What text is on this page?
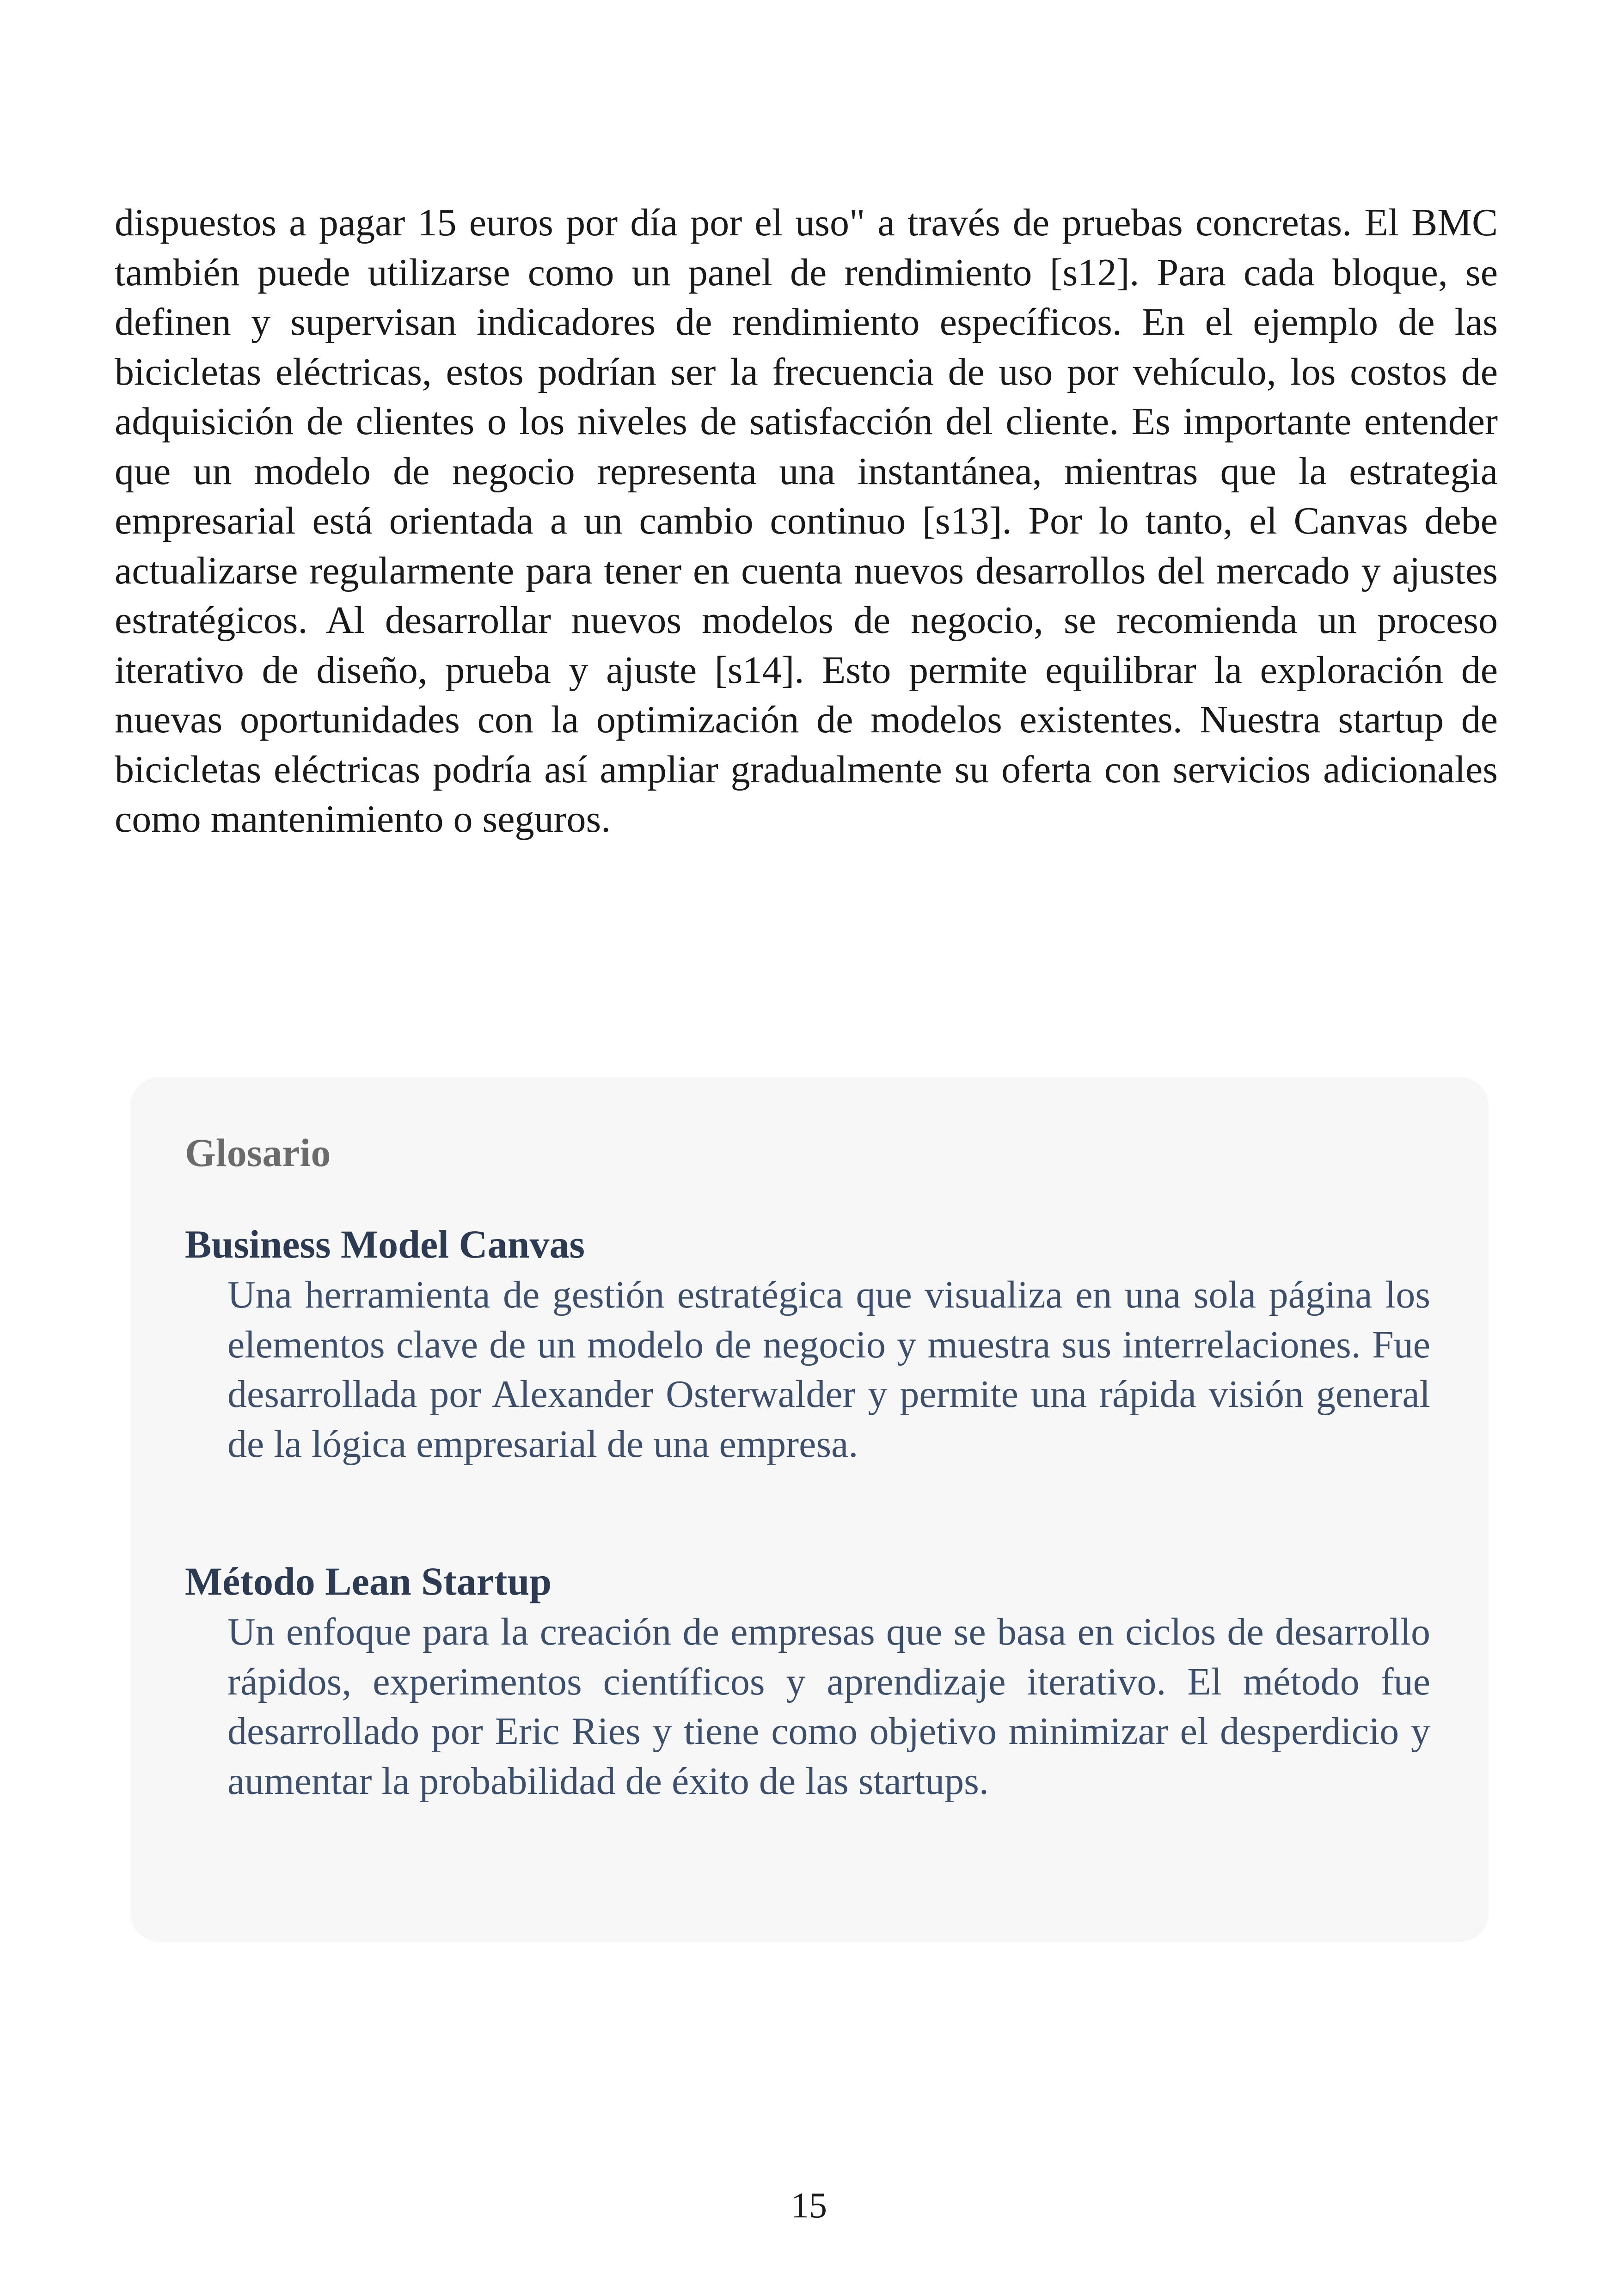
dispuestos a pagar 15 euros por día por el uso" a través de pruebas concretas. El BMC también puede utilizarse como un panel de rendimiento [s12]. Para cada bloque, se definen y supervisan indicadores de rendimiento específicos. En el ejemplo de las bicicletas eléctricas, estos podrían ser la frecuencia de uso por vehículo, los costos de adquisición de clientes o los niveles de satisfacción del cliente. Es importante entender que un modelo de negocio representa una instantánea, mientras que la estrategia empresarial está orientada a un cambio continuo [s13]. Por lo tanto, el Canvas debe actualizarse regularmente para tener en cuenta nuevos desarrollos del mercado y ajustes estratégicos. Al desarrollar nuevos modelos de negocio, se recomienda un proceso iterativo de diseño, prueba y ajuste [s14]. Esto permite equilibrar la exploración de nuevas oportunidades con la optimización de modelos existentes. Nuestra startup de bicicletas eléctricas podría así ampliar gradualmente su oferta con servicios adicionales como mantenimiento o seguros.

Glosario
Business Model Canvas

Una herramienta de gestión estratégica que visualiza en una sola página los elementos clave de un modelo de negocio y muestra sus interrelaciones. Fue desarrollada por Alexander Osterwalder y permite una rápida visión general de la lógica empresarial de una empresa.

Método Lean Startup

Un enfoque para la creación de empresas que se basa en ciclos de desarrollo rápidos, experimentos científicos y aprendizaje iterativo. El método fue desarrollado por Eric Ries y tiene como objetivo minimizar el desperdicio y aumentar la probabilidad de éxito de las startups.

15
